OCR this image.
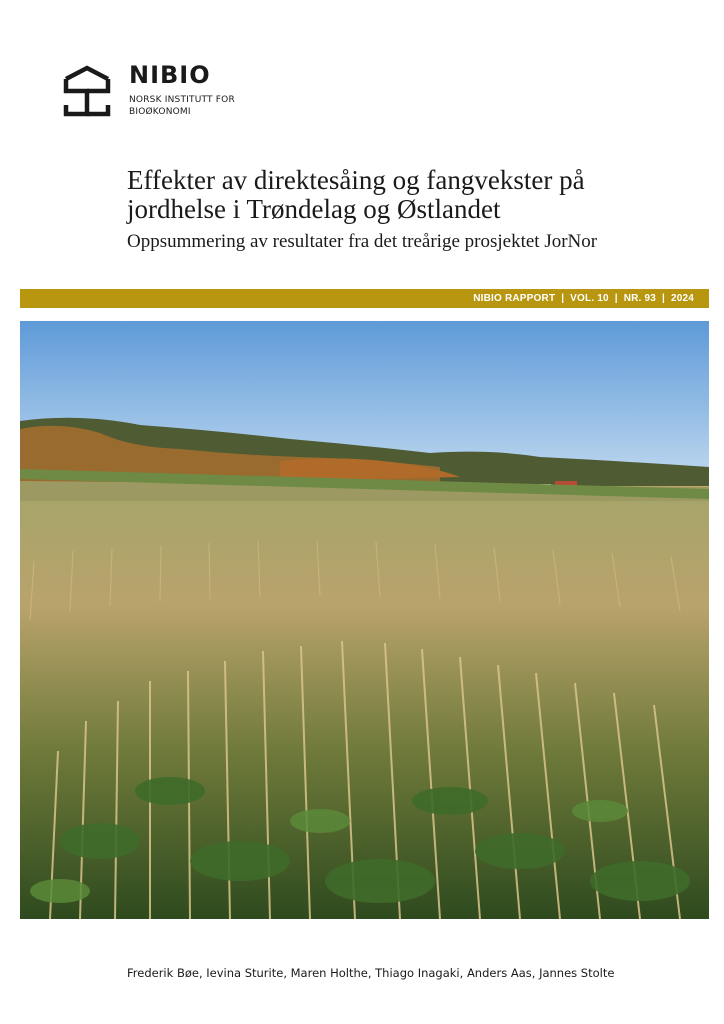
NIBIO
NORSK INSTITUTT FOR
BIOØKONOMI
Effekter av direktesåing og fangvekster på
jordhelse i Trøndelag og Østlandet
Oppsummering av resultater fra det treårige prosjektet JorNor
NIBIO RAPPORT  |  VOL. 10  |  NR. 93  |  2024
Frederik Bøe, Ievina Sturite, Maren Holthe, Thiago Inagaki, Anders Aas, Jannes Stolte
